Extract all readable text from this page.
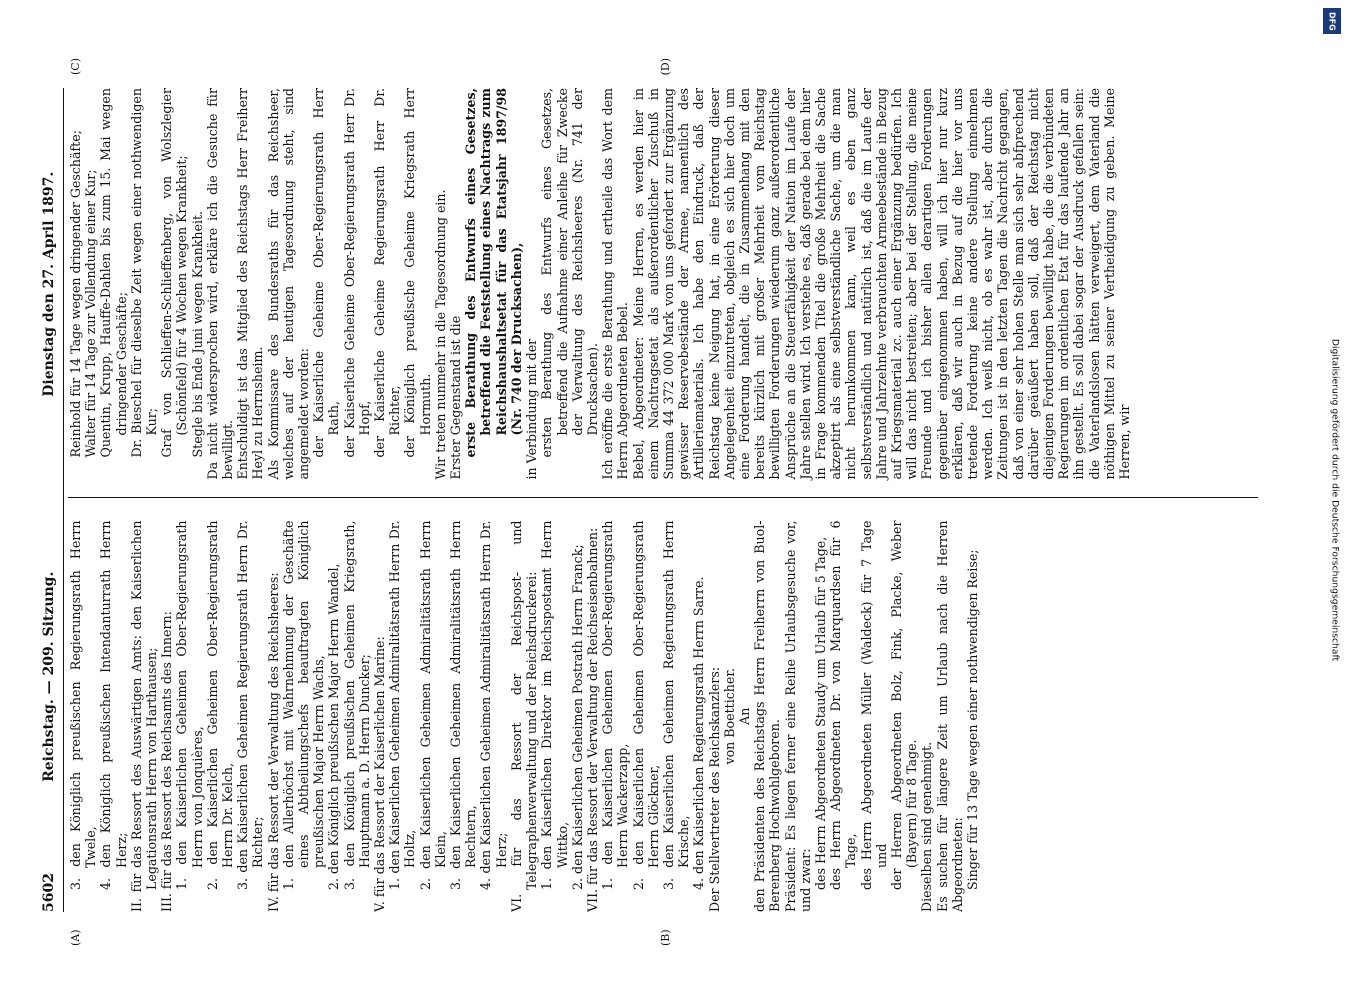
5602
Reichstag. — 209. Sitzung.
Dienstag den 27. April 1897.
(A)	(B)

3. den Königlich preußischen Regierungsrath Herrn Twele, 4. den Königlich preußischen Intendanturrath Herrn Herz; II. für das Ressort des Auswärtigen Amts: den Kaiserlichen Legationsrath Herrn von Harthausen; III. für das Ressort des Reichsamts des Innern: 1. den Kaiserlichen Geheimen Ober-Regierungsrath Herrn von Jonquières, 2. den Kaiserlichen Geheimen Ober-Regierungsrath Herrn Dr. Kelch, 3. den Kaiserlichen Geheimen Regierungsrath Herrn Dr. Richter; IV. für das Ressort der Verwaltung des Reichsheeres: 1. den Allerhöchst mit Wahrnehmung der Geschäfte eines Abtheilungschefs beauftragten Königlich preußischen Major Herrn Wachs, 2. den Königlich preußischen Major Herrn Wandel, 3. den Königlich preußischen Geheimen Kriegsrath, Hauptmann a. D. Herrn Duncker; V. für das Ressort der Kaiserlichen Marine: 1. den Kaiserlichen Geheimen Admiralitätsrath Herrn Dr. Holtz, 2. den Kaiserlichen Geheimen Admiralitätsrath Herrn Klein, 3. den Kaiserlichen Geheimen Admiralitätsrath Herrn Rechtern, 4. den Kaiserlichen Geheimen Admiralitätsrath Herrn Dr. Herz; VI. für das Ressort der Reichspost- und Telegraphenverwaltung und der Reichsdruckerei: 1. den Kaiserlichen Direktor im Reichspostamt Herrn Wittko, 2. den Kaiserlichen Geheimen Postrath Herrn Franck; VII. für das Ressort der Verwaltung der Reichseisenbahnen: 1. den Kaiserlichen Geheimen Ober-Regierungsrath Herrn Wackerzapp, 2. den Kaiserlichen Geheimen Ober-Regierungsrath Herrn Glöckner, 3. den Kaiserlichen Geheimen Regierungsrath Herrn Krische, 4. den Kaiserlichen Regierungsrath Herrn Sarre. Der Stellvertreter des Reichskanzlers: von Boetticher. An den Präsidenten des Reichstags Herrn Freiherrn von Buol-Berenberg Hochwohlgeboren. Präsident: Es liegen ferner eine Reihe Urlaubsgesuche vor, und zwar: des Herrn Abgeordneten Staudy um Urlaub für 5 Tage, des Herrn Abgeordneten Dr. von Marquardsen für 6 Tage, des Herrn Abgeordneten Müller (Waldeck) für 7 Tage und der Herren Abgeordneten Bolz, Fink, Placke, Weber (Bayern) für 8 Tage. Dieselben sind genehmigt. Es suchen für längere Zeit um Urlaub nach die Herren Abgeordneten: Singer für 13 Tage wegen einer nothwendigen Reise;

(C)	(D)

Reinhold für 14 Tage wegen dringender Geschäfte; Walter für 14 Tage zur Vollendung einer Kur; Quentin, Krupp, Hauffe-Dahlen bis zum 15. Mai wegen dringender Geschäfte; Dr. Bieschel für dieselbe Zeit wegen einer nothwendigen Kur; Graf von Schlieffen-Schlieffenberg, von Wolszlegier (Schönfeld) für 4 Wochen wegen Krankheit; Stegle bis Ende Juni wegen Krankheit. Da nicht widersprochen wird, erkläre ich die Gesuche für bewilligt. Entschuldigt ist das Mitglied des Reichstags Herr Freiherr Heyl zu Herrnsheim. Als Kommissare des Bundesraths für das Reichsheer, welches auf der heutigen Tagesordnung steht, sind angemeldet worden: der Kaiserliche Geheime Ober-Regierungsrath Herr Rath, der Kaiserliche Geheime Ober-Regierungsrath Herr Dr. Hopf, der Kaiserliche Geheime Regierungsrath Herr Dr. Richter, der Königlich preußische Geheime Kriegsrath Herr Hormuth. Wir treten nunmehr in die Tagesordnung ein. Erster Gegenstand ist die erste Berathung des Entwurfs eines Gesetzes, betreffend die Feststellung eines Nachtrags zum Reichshaushaltsetat für das Etatsjahr 1897/98 (Nr. 740 der Drucksachen), in Verbindung mit der ersten Berathung des Entwurfs eines Gesetzes, betreffend die Aufnahme einer Anleihe für Zwecke der Verwaltung des Reichsheeres (Nr. 741 der Drucksachen). Ich eröffne die erste Berathung und ertheile das Wort dem Herrn Abgeordneten Bebel. Bebel, Abgeordneter: Meine Herren, es werden hier in einem Nachtragsetat als außerordentlicher Zuschuß in Summa 44 372 000 Mark von uns gefordert zur Ergänzung gewisser Reservebestände der Armee, namentlich des Artilleriematerials. Ich habe den Eindruck, daß der Reichstag keine Neigung hat, in eine Erörterung dieser Angelegenheit einzutreten, obgleich es sich hier doch um eine Forderung handelt, die in Zusammenhang mit den bereits kürzlich mit großer Mehrheit vom Reichstag bewilligten Forderungen wiederum ganz außerordentliche Ansprüche an die Steuerfähigkeit der Nation im Laufe der Jahre stellen wird. Ich verstehe es, daß gerade bei dem hier in Frage kommenden Titel die große Mehrheit die Sache akzeptirt als eine selbstverständliche Sache, um die man nicht herumkommen kann, weil es eben ganz selbstverständlich und natürlich ist, daß die im Laufe der Jahre und Jahrzehnte verbrauchten Armeebestände in Bezug auf Kriegsmaterial zc. auch einer Ergänzung bedürfen. Ich will das nicht bestreiten; aber bei der Stellung, die meine Freunde und ich bisher allen derartigen Forderungen gegenüber eingenommen haben, will ich hier nur kurz erklären, daß wir auch in Bezug auf die hier vor uns tretende Forderung keine andere Stellung einnehmen werden. Ich weiß nicht, ob es wahr ist, aber durch die Zeitungen ist in den letzten Tagen die Nachricht gegangen, daß von einer sehr hohen Stelle man sich sehr abfprechend darüber geäußert haben soll, daß der Reichstag nicht diejenigen Forderungen bewilligt habe, die die verbündeten Regierungen im ordentlichen Etat für das laufende Jahr an ihn gestellt. Es soll dabei sogar der Ausdruck gefallen sein: die Vaterlandslosen hätten verweigert, dem Vaterland die nöthigen Mittel zu seiner Vertheidigung zu geben. Meine Herren, wir

DFG
Digitalisierung gefördert durch die Deutsche Forschungsgemeinschaft
